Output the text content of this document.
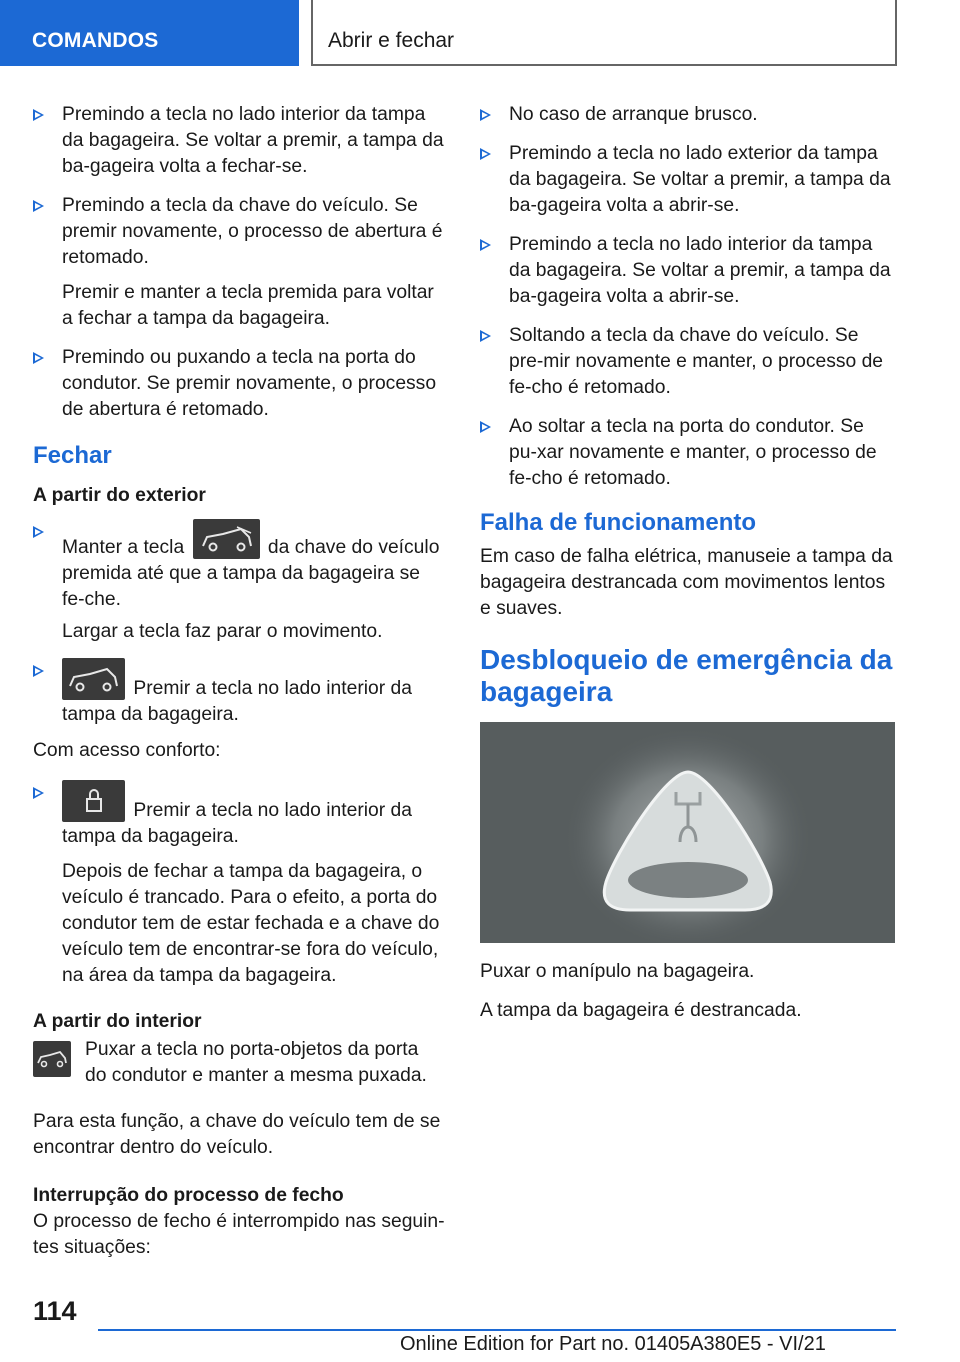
COMANDOS	Abrir e fechar
Premindo a tecla no lado interior da tampa da bagageira. Se voltar a premir, a tampa da ba-gageira volta a fechar-se.
Premindo a tecla da chave do veículo. Se premir novamente, o processo de abertura é retomado.
Premir e manter a tecla premida para voltar a fechar a tampa da bagageira.
Premindo ou puxando a tecla na porta do condutor. Se premir novamente, o processo de abertura é retomado.
Fechar
A partir do exterior
Manter a tecla	da chave do veículo premida até que a tampa da bagageira se fe-che.
Largar a tecla faz parar o movimento.
Premir a tecla no lado interior da tampa da bagageira.
Com acesso conforto:
Premir a tecla no lado interior da tampa da bagageira.
Depois de fechar a tampa da bagageira, o veículo é trancado. Para o efeito, a porta do condutor tem de estar fechada e a chave do veículo tem de encontrar-se fora do veículo, na área da tampa da bagageira.
A partir do interior
Puxar a tecla no porta-objetos da porta do condutor e manter a mesma puxada.
Para esta função, a chave do veículo tem de se encontrar dentro do veículo.
Interrupção do processo de fecho
O processo de fecho é interrompido nas seguin-tes situações:
No caso de arranque brusco.
Premindo a tecla no lado exterior da tampa da bagageira. Se voltar a premir, a tampa da ba-gageira volta a abrir-se.
Premindo a tecla no lado interior da tampa da bagageira. Se voltar a premir, a tampa da ba-gageira volta a abrir-se.
Soltando a tecla da chave do veículo. Se pre-mir novamente e manter, o processo de fe-cho é retomado.
Ao soltar a tecla na porta do condutor. Se pu-xar novamente e manter, o processo de fe-cho é retomado.
Falha de funcionamento
Em caso de falha elétrica, manuseie a tampa da bagageira destrancada com movimentos lentos e suaves.
Desbloqueio de emergência da bagageira
Puxar o manípulo na bagageira.
A tampa da bagageira é destrancada.
114
Online Edition for Part no. 01405A380E5 - VI/21
